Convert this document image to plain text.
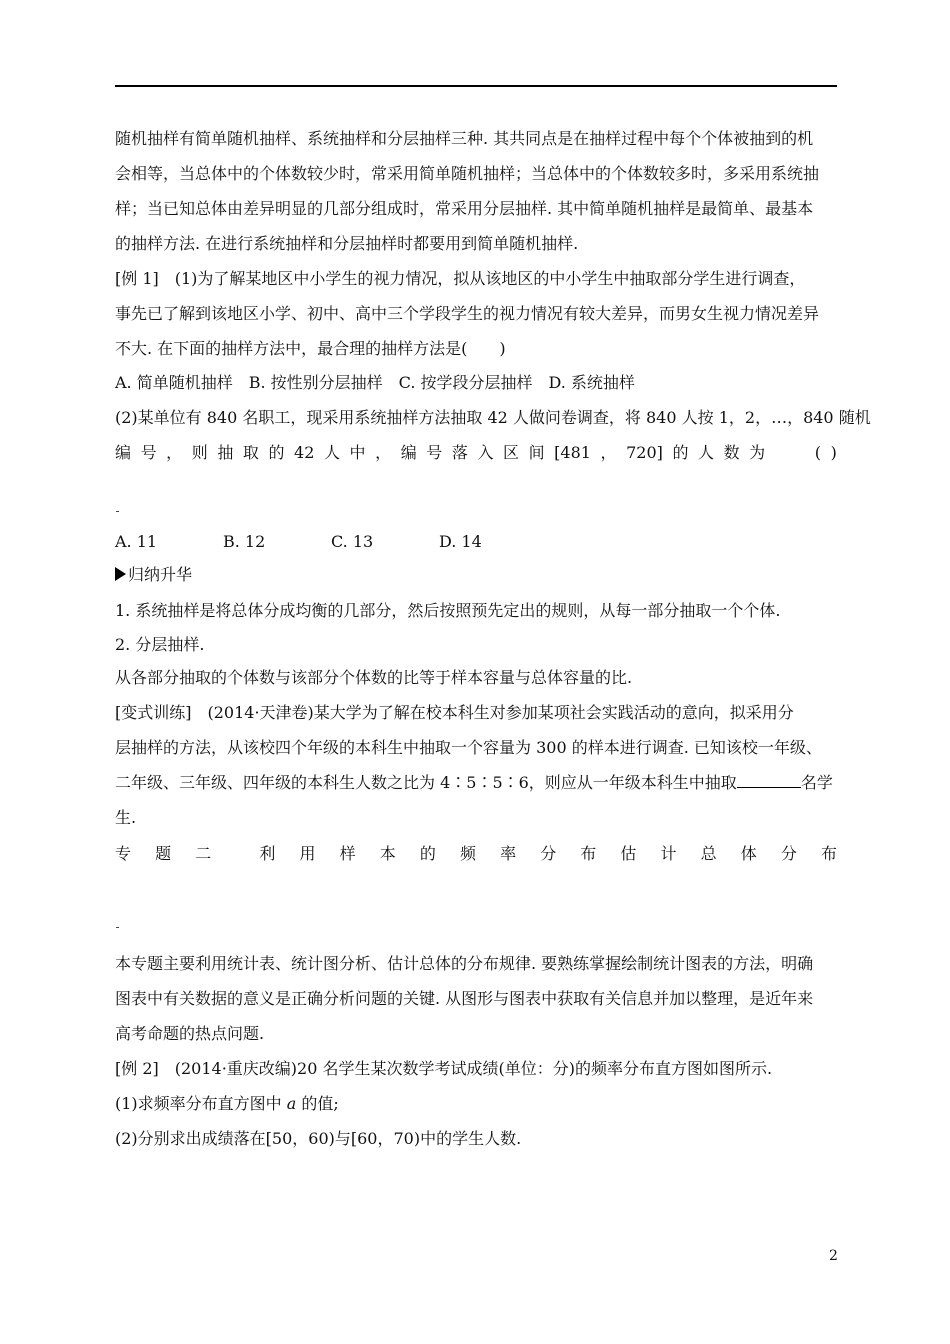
随机抽样有简单随机抽样、系统抽样和分层抽样三种. 其共同点是在抽样过程中每个个体被抽到的机
会相等，当总体中的个体数较少时，常采用简单随机抽样；当总体中的个体数较多时，多采用系统抽
样；当已知总体由差异明显的几部分组成时，常采用分层抽样. 其中简单随机抽样是最简单、最基本
的抽样方法. 在进行系统抽样和分层抽样时都要用到简单随机抽样.
[例 1]　(1)为了解某地区中小学生的视力情况，拟从该地区的中小学生中抽取部分学生进行调查，
事先已了解到该地区小学、初中、高中三个学段学生的视力情况有较大差异，而男女生视力情况差异
不大. 在下面的抽样方法中，最合理的抽样方法是(　　)
A. 简单随机抽样　B. 按性别分层抽样　C. 按学段分层抽样　D. 系统抽样
(2)某单位有 840 名职工，现采用系统抽样方法抽取 42 人做问卷调查，将 840 人按 1，2，…，840 随机
编 号 ， 则 抽 取 的 42 人 中 ， 编 号 落 入 区 间 [481 ， 720] 的 人 数 为	( )
A. 11	B. 12	C. 13	D. 14
归纳升华
1. 系统抽样是将总体分成均衡的几部分，然后按照预先定出的规则，从每一部分抽取一个个体.
2. 分层抽样.
从各部分抽取的个体数与该部分个体数的比等于样本容量与总体容量的比.
[变式训练]　(2014·天津卷)某大学为了解在校本科生对参加某项社会实践活动的意向，拟采用分
层抽样的方法，从该校四个年级的本科生中抽取一个容量为 300 的样本进行调查. 已知该校一年级、
二年级、三年级、四年级的本科生人数之比为 4∶5∶5∶6，则应从一年级本科生中抽取	名学
生.
专 题 二	利 用 样 本 的 频 率 分 布 估 计 总 体 分 布
本专题主要利用统计表、统计图分析、估计总体的分布规律. 要熟练掌握绘制统计图表的方法，明确
图表中有关数据的意义是正确分析问题的关键. 从图形与图表中获取有关信息并加以整理，是近年来
高考命题的热点问题.
[例 2]　(2014·重庆改编)20 名学生某次数学考试成绩(单位：分)的频率分布直方图如图所示.
(1)求频率分布直方图中 a 的值;
(2)分别求出成绩落在[50，60)与[60，70)中的学生人数.
2
